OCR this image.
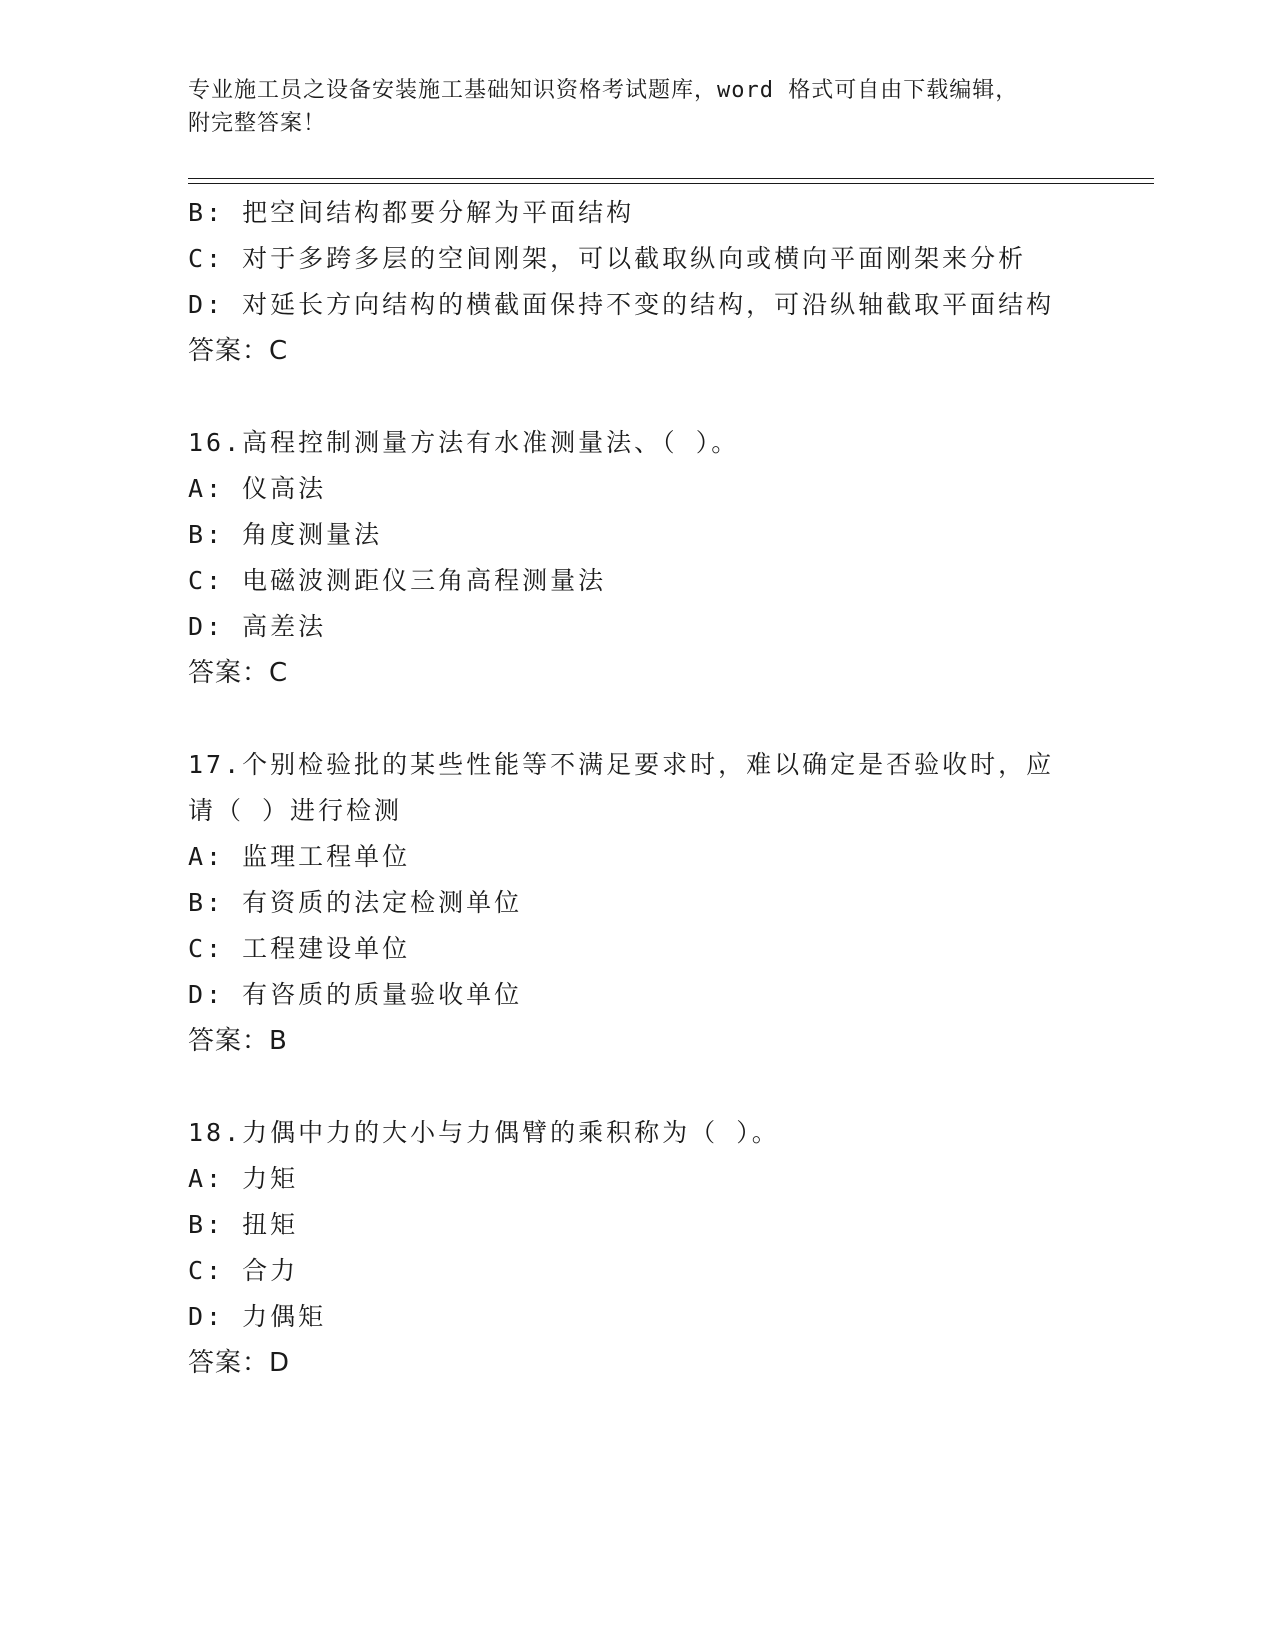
专业施工员之设备安装施工基础知识资格考试题库，word 格式可自由下载编辑，
附完整答案！
B: 把空间结构都要分解为平面结构
C: 对于多跨多层的空间刚架，可以截取纵向或横向平面刚架来分析
D: 对延长方向结构的横截面保持不变的结构，可沿纵轴截取平面结构
答案：C
16.高程控制测量方法有水准测量法、（ ）。
A: 仪高法
B: 角度测量法
C: 电磁波测距仪三角高程测量法
D: 高差法
答案：C
17.个别检验批的某些性能等不满足要求时，难以确定是否验收时，应
请（ ）进行检测
A: 监理工程单位
B: 有资质的法定检测单位
C: 工程建设单位
D: 有咨质的质量验收单位
答案：B
18.力偶中力的大小与力偶臂的乘积称为（ ）。
A: 力矩
B: 扭矩
C: 合力
D: 力偶矩
答案：D
